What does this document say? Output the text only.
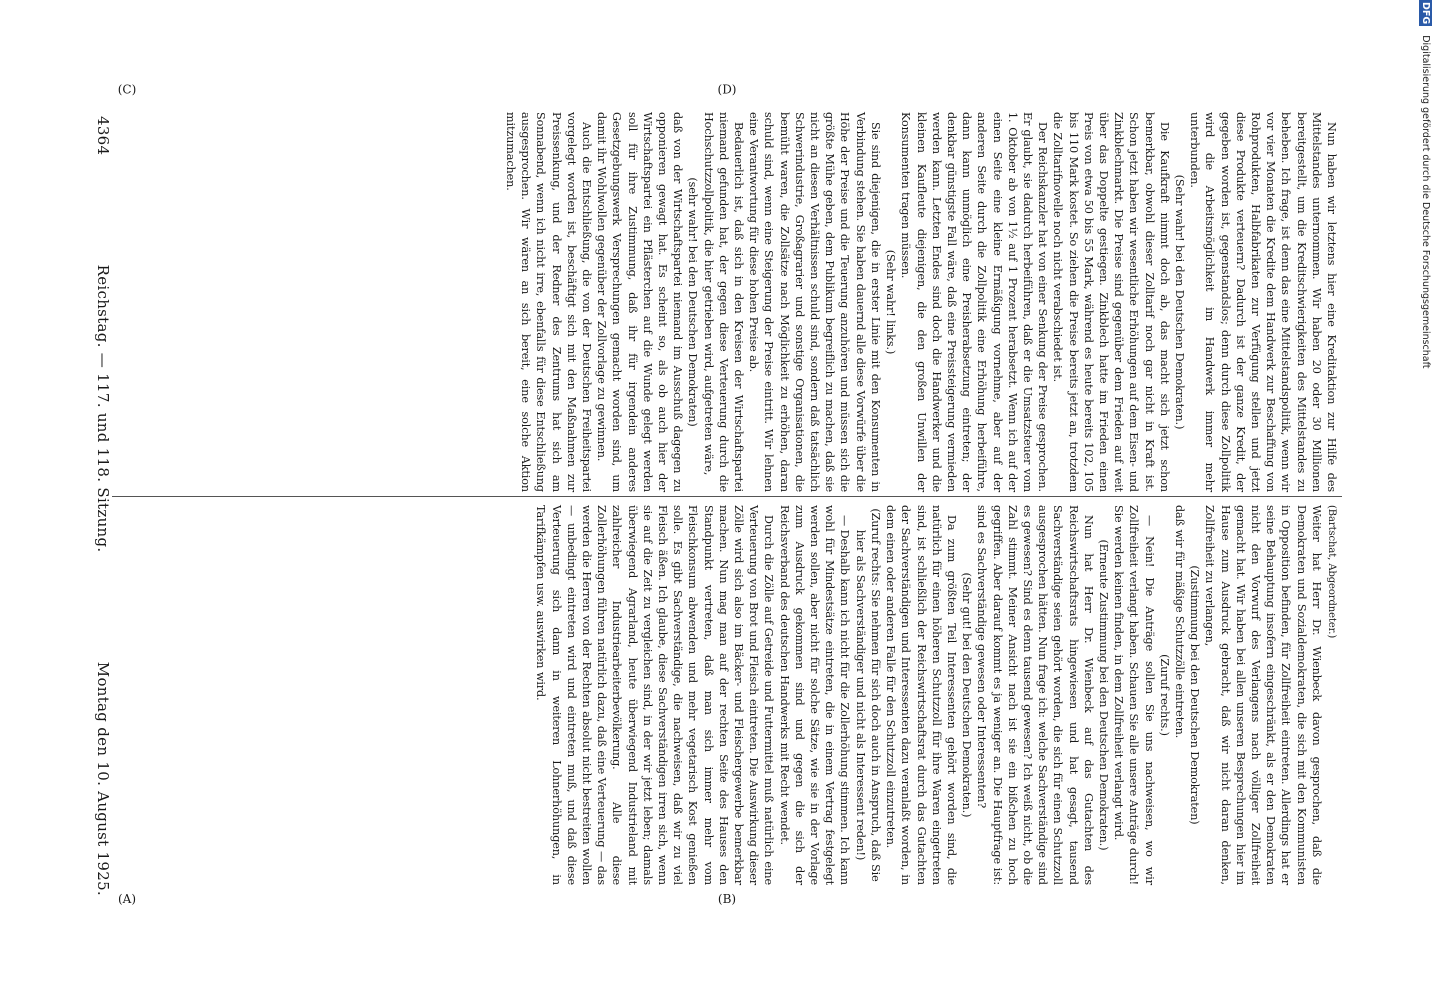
4364
Reichstag. — 117. und 118. Sitzung.
Montag den 10. August 1925.

(Bartschat, Abgeordneter.)

Weiter hat Herr Dr. Wienbeck davon gesprochen, daß die Demokraten und Sozialdemokraten, die sich mit den Kommunisten in Opposition befinden, für Zollfreiheit eintreten. Allerdings hat er seine Behauptung insofern eingeschränkt, als er den Demokraten nicht den Vorwurf des Verlangens nach völliger Zollfreiheit gemacht hat. Wir haben bei allen unseren Besprechungen hier im Hause zum Ausdruck gebracht, daß wir nicht daran denken, Zollfreiheit zu verlangen,

(Zustimmung bei den Deutschen Demokraten)

daß wir für mäßige Schutzzölle eintreten.

(Zuruf rechts.)

— Nein! Die Anträge sollen Sie uns nachweisen, wo wir Zollfreiheit verlangt haben. Schauen Sie alle unsere Anträge durch! Sie werden keinen finden, in dem Zollfreiheit verlangt wird.

(Erneute Zustimmung bei den Deutschen Demokraten.)

Nun hat Herr Dr. Wienbeck auf das Gutachten des Reichswirtschaftsrats hingewiesen und hat gesagt, tausend Sachverständige seien gehört worden, die sich für einen Schutzzoll ausgesprochen hätten. Nun frage ich: welche Sachverständige sind es gewesen? Sind es denn tausend gewesen? Ich weiß nicht, ob die Zahl stimmt. Meiner Ansicht nach ist sie ein bißchen zu hoch gegriffen. Aber darauf kommt es ja weniger an. Die Hauptfrage ist: sind es Sachverständige gewesen oder Interessenten?

(Sehr gut! bei den Deutschen Demokraten.)

Da zum größten Teil Interessenten gehört worden sind, die natürlich für einen höheren Schutzzoll für ihre Waren eingetreten sind, ist schließlich der Reichswirtschaftsrat durch das Gutachten der Sachverständigen und Interessenten dazu veranlaßt worden, in dem einen oder anderen Falle für den Schutzzoll einzutreten.

(Zuruf rechts: Sie nehmen für sich doch auch in Anspruch, daß Sie hier als Sachverständiger und nicht als Interessent reden!)

— Deshalb kann ich nicht für die Zollerhöhung stimmen. Ich kann wohl für Mindestsätze eintreten, die in einem Vertrag festgelegt werden sollen, aber nicht für solche Sätze, wie sie in der Vorlage zum Ausdruck gekommen sind und gegen die sich der Reichsverband des deutschen Handwerks mit Recht wendet.

Durch die Zölle auf Getreide und Futtermittel muß natürlich eine Verteuerung von Brot und Fleisch eintreten. Die Auswirkung dieser Zölle wird sich also im Bäcker- und Fleischergewerbe bemerkbar machen. Nun mag man auf der rechten Seite des Hauses den Standpunkt vertreten, daß man sich immer mehr vom Fleischkonsum abwenden und mehr vegetarisch Kost genießen solle. Es gibt Sachverständige, die nachweisen, daß wir zu viel Fleisch äßen. Ich glaube, diese Sachverständigen irren sich, wenn sie auf die Zeit zu vergleichen sind, in der wir jetzt leben; damals überwiegend Agrarland, heute überwiegend Industrieland mit zahlreicher Industriearbeiterbevölkerung. Alle diese Zollerhöhungen führen natürlich dazu, daß eine Verteuerung — das werden die Herren von der Rechten absolut nicht bestreiten wollen — unbedingt eintreten wird und eintreten muß, und daß diese Verteuerung sich dann in weiteren Lohnerhöhungen, in Tarifkämpfen usw. auswirken wird.

Nun haben wir letztens hier eine Kreditaktion zur Hilfe des Mittelstandes unternommen. Wir haben 20 oder 30 Millionen bereitgestellt, um die Kreditschwierigkeiten des Mittelstandes zu beheben. Ich frage, ist denn das eine Mittelstandspolitik, wenn wir vor vier Monaten die Kredite dem Handwerk zur Beschaffung von Rohprodukten, Halbfabrikaten zur Verfügung stellen und jetzt diese Produkte verteuern? Dadurch ist der ganze Kredit, der gegeben worden ist, gegenstandslos; denn durch diese Zollpolitik wird die Arbeitsmöglichkeit im Handwerk immer mehr unterbunden.

(Sehr wahr! bei den Deutschen Demokraten.)

Die Kaufkraft nimmt doch ab, das macht sich jetzt schon bemerkbar, obwohl dieser Zolltarif noch gar nicht in Kraft ist. Schon jetzt haben wir wesentliche Erhöhungen auf dem Eisen- und Zinkblechmarkt. Die Preise sind gegenüber dem Frieden auf weit über das Doppelte gestiegen. Zinkblech hatte im Frieden einen Preis von etwa 50 bis 55 Mark, während es heute bereits 102, 105 bis 110 Mark kostet. So ziehen die Preise bereits jetzt an, trotzdem die Zolltarifnovelle noch nicht verabschiedet ist.

Der Reichskanzler hat von einer Senkung der Preise gesprochen. Er glaubt, sie dadurch herbeiführen, daß er die Umsatzsteuer vom 1. Oktober ab von 1½ auf 1 Prozent herabsetzt. Wenn ich auf der einen Seite eine kleine Ermäßigung vornehme, aber auf der anderen Seite durch die Zollpolitik eine Erhöhung herbeiführe, dann kann unmöglich eine Preisherabsetzung eintreten; der denkbar günstigste Fall wäre, daß eine Preissteigerung vermieden werden kann. Letzten Endes sind doch die Handwerker und die kleinen Kaufleute diejenigen, die den großen Unwillen der Konsumenten tragen müssen.

(Sehr wahr! links.)

Sie sind diejenigen, die in erster Linie mit den Konsumenten in Verbindung stehen. Sie haben dauernd alle diese Vorwürfe über die Höhe der Preise und die Teuerung anzuhören und müssen sich die größte Mühe geben, dem Publikum begreiflich zu machen, daß sie nicht an diesen Verhältnissen schuld sind, sondern daß tatsächlich Schwerindustrie, Großagrarier und sonstige Organisationen, die bemüht waren, die Zollsätze nach Möglichkeit zu erhöhen, daran schuld sind, wenn eine Steigerung der Preise eintritt. Wir lehnen eine Verantwortung für diese hohen Preise ab.

Bedauerlich ist, daß sich in den Kreisen der Wirtschaftspartei niemand gefunden hat, der gegen diese Verteuerung durch die Hochschutzzollpolitik, die hier getrieben wird, aufgetreten wäre,

(sehr wahr! bei den Deutschen Demokraten)

daß von der Wirtschaftspartei niemand im Ausschuß dagegen zu opponieren gewagt hat. Es scheint so, als ob auch hier der Wirtschaftspartei ein Pflästerchen auf die Wunde gelegt werden soll für ihre Zustimmung, daß ihr für irgendein anderes Gesetzgebungswerk Versprechungen gemacht worden sind, um damit ihr Wohlwollen gegenüber der Zollvorlage zu gewinnen.

Auch die Entschließung, die von der Deutschen Freiheitspartei vorgelegt worden ist, beschäftigt sich mit den Maßnahmen zur Preissenkung, und der Redner des Zentrums hat sich am Sonnabend, wenn ich nicht irre, ebenfalls für diese Entschließung ausgesprochen. Wir wären an sich bereit, eine solche Aktion mitzumachen.

(A)	(B)
(C)	(D)
DFG Digitalisierung gefördert durch die Deutsche Forschungsgemeinschaft
